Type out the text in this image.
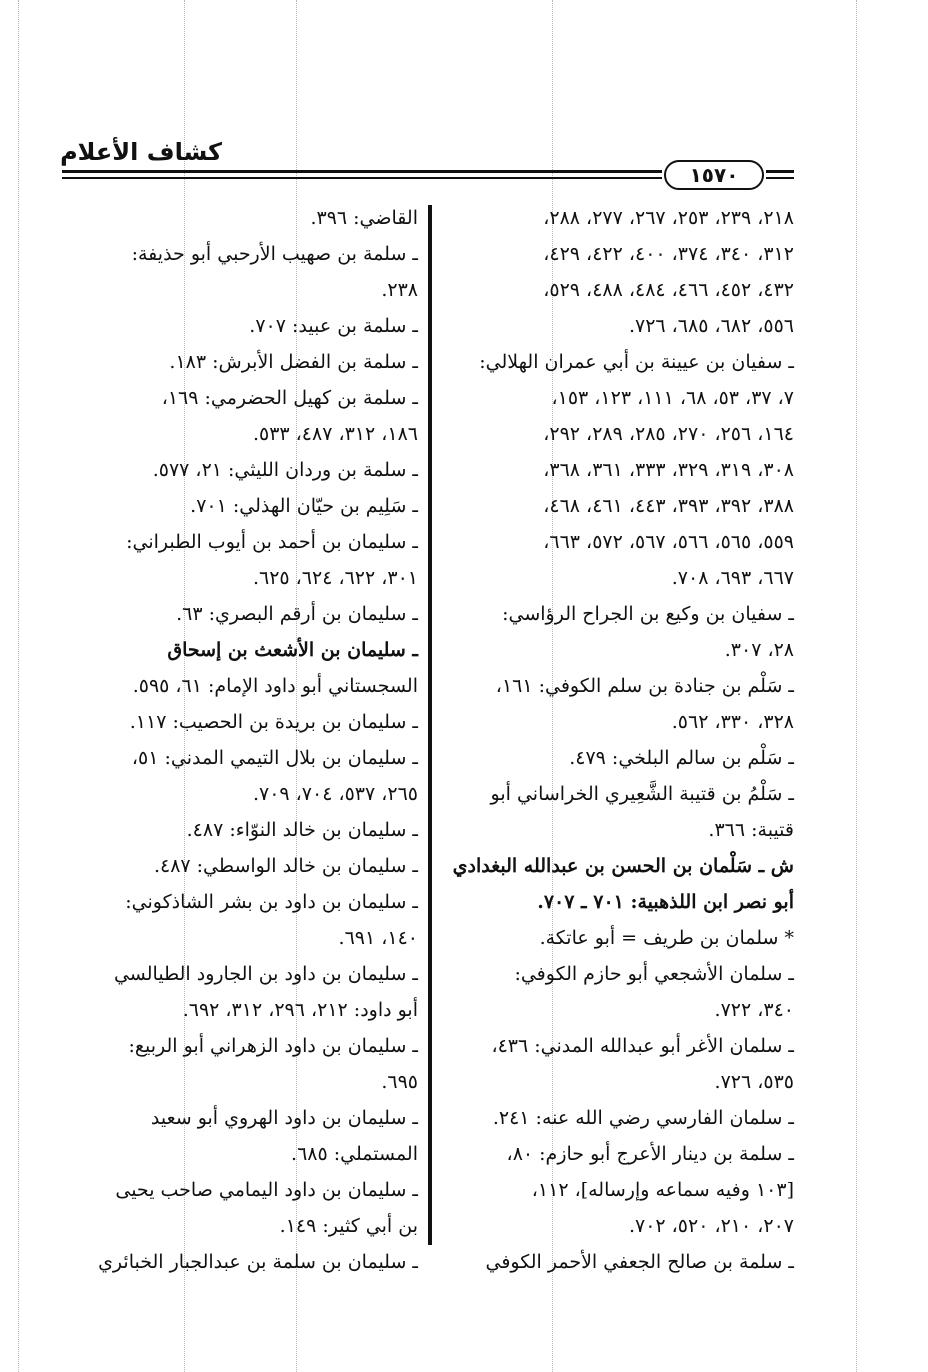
كشاف الأعلام
١٥٧٠
٢١٨، ٢٣٩، ٢٥٣، ٢٦٧، ٢٧٧، ٢٨٨،
٣١٢، ٣٤٠، ٣٧٤، ٤٠٠، ٤٢٢، ٤٢٩،
٤٣٢، ٤٥٢، ٤٦٦، ٤٨٤، ٤٨٨، ٥٢٩،
٥٥٦، ٦٨٢، ٦٨٥، ٧٢٦.
ـ سفيان بن عيينة بن أبي عمران الهلالي:
٧، ٣٧، ٥٣، ٦٨، ١١١، ١٢٣، ١٥٣،
١٦٤، ٢٥٦، ٢٧٠، ٢٨٥، ٢٨٩، ٢٩٢،
٣٠٨، ٣١٩، ٣٢٩، ٣٣٣، ٣٦١، ٣٦٨،
٣٨٨، ٣٩٢، ٣٩٣، ٤٤٣، ٤٦١، ٤٦٨،
٥٥٩، ٥٦٥، ٥٦٦، ٥٦٧، ٥٧٢، ٦٦٣،
٦٦٧، ٦٩٣، ٧٠٨.
ـ سفيان بن وكيع بن الجراح الرؤاسي:
٢٨، ٣٠٧.
ـ سَلْم بن جنادة بن سلم الكوفي: ١٦١،
٣٢٨، ٣٣٠، ٥٦٢.
ـ سَلْم بن سالم البلخي: ٤٧٩.
ـ سَلْمُ بن قتيبة الشَّعِيري الخراساني أبو
قتيبة: ٣٦٦.
ش ـ سَلْمان بن الحسن بن عبدالله البغدادي
أبو نصر ابن اللذهبية: ٧٠١ ـ ٧٠٧.
* سلمان بن طريف = أبو عاتكة.
ـ سلمان الأشجعي أبو حازم الكوفي:
٣٤٠، ٧٢٢.
ـ سلمان الأغر أبو عبدالله المدني: ٤٣٦،
٥٣٥، ٧٢٦.
ـ سلمان الفارسي رضي الله عنه: ٢٤١.
ـ سلمة بن دينار الأعرج أبو حازم: ٨٠،
[١٠٣ وفيه سماعه وإرساله]، ١١٢،
٢٠٧، ٢١٠، ٥٢٠، ٧٠٢.
ـ سلمة بن صالح الجعفي الأحمر الكوفي
القاضي: ٣٩٦.
ـ سلمة بن صهيب الأرحبي أبو حذيفة:
٢٣٨.
ـ سلمة بن عبيد: ٧٠٧.
ـ سلمة بن الفضل الأبرش: ١٨٣.
ـ سلمة بن كهيل الحضرمي: ١٦٩،
١٨٦، ٣١٢، ٤٨٧، ٥٣٣.
ـ سلمة بن وردان الليثي: ٢١، ٥٧٧.
ـ سَلِيم بن حيّان الهذلي: ٧٠١.
ـ سليمان بن أحمد بن أيوب الطبراني:
٣٠١، ٦٢٢، ٦٢٤، ٦٢٥.
ـ سليمان بن أرقم البصري: ٦٣.
ـ سليمان بن الأشعث بن إسحاق
السجستاني أبو داود الإمام: ٦١، ٥٩٥.
ـ سليمان بن بريدة بن الحصيب: ١١٧.
ـ سليمان بن بلال التيمي المدني: ٥١،
٢٦٥، ٥٣٧، ٧٠٤، ٧٠٩.
ـ سليمان بن خالد النوّاء: ٤٨٧.
ـ سليمان بن خالد الواسطي: ٤٨٧.
ـ سليمان بن داود بن بشر الشاذكوني:
١٤٠، ٦٩١.
ـ سليمان بن داود بن الجارود الطيالسي
أبو داود: ٢١٢، ٢٩٦، ٣١٢، ٦٩٢.
ـ سليمان بن داود الزهراني أبو الربيع:
٦٩٥.
ـ سليمان بن داود الهروي أبو سعيد
المستملي: ٦٨٥.
ـ سليمان بن داود اليمامي صاحب يحيى
بن أبي كثير: ١٤٩.
ـ سليمان بن سلمة بن عبدالجبار الخبائري
